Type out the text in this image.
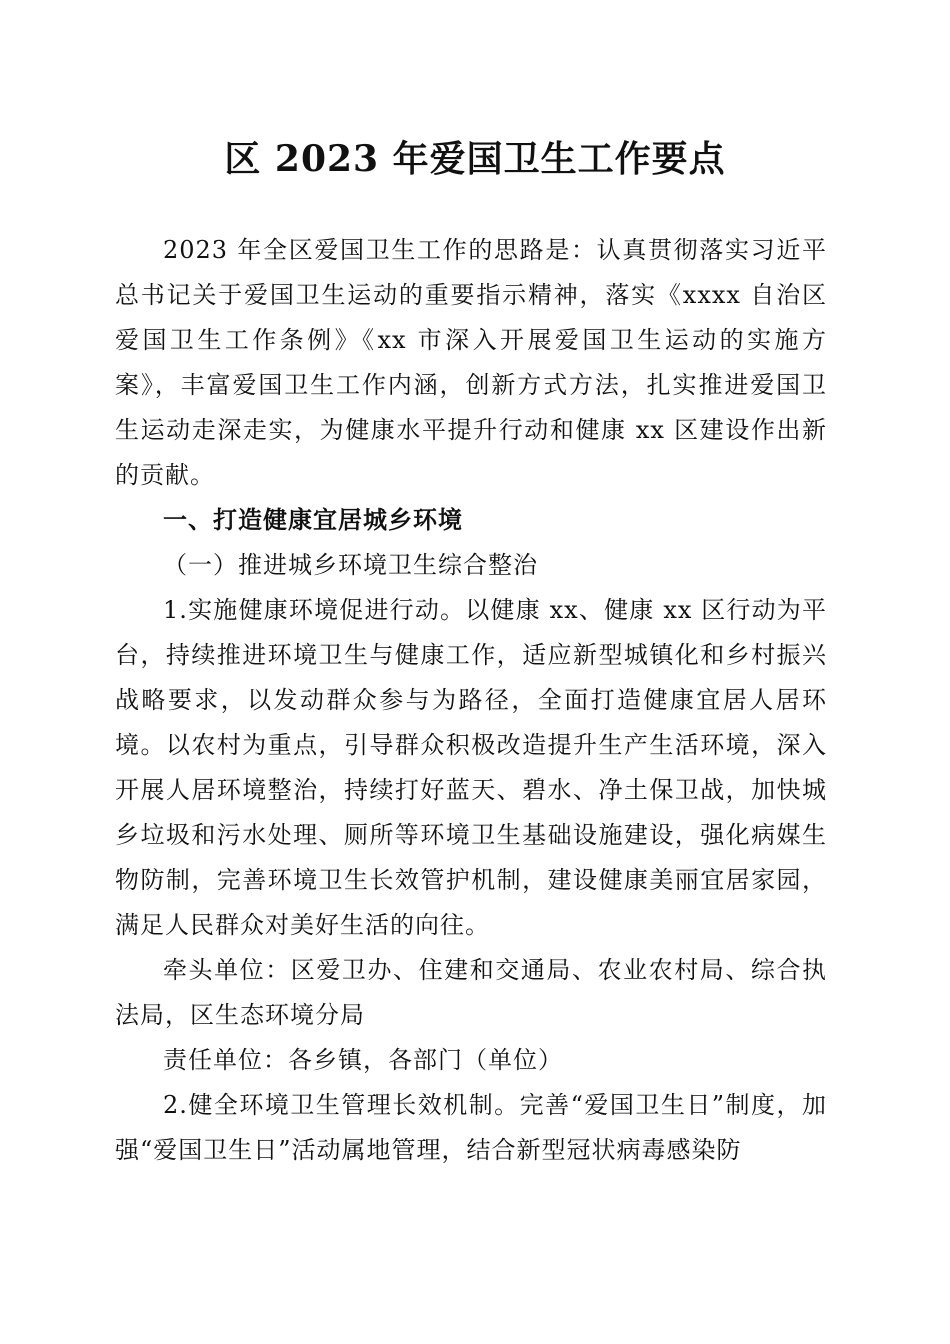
区 2023 年爱国卫生工作要点

2023 年全区爱国卫生工作的思路是：认真贯彻落实习近平总书记关于爱国卫生运动的重要指示精神，落实《xxxx 自治区爱国卫生工作条例》《xx 市深入开展爱国卫生运动的实施方案》，丰富爱国卫生工作内涵，创新方式方法，扎实推进爱国卫生运动走深走实，为健康水平提升行动和健康 xx 区建设作出新的贡献。

一、打造健康宜居城乡环境

（一）推进城乡环境卫生综合整治

1.实施健康环境促进行动。以健康 xx、健康 xx 区行动为平台，持续推进环境卫生与健康工作，适应新型城镇化和乡村振兴战略要求，以发动群众参与为路径，全面打造健康宜居人居环境。以农村为重点，引导群众积极改造提升生产生活环境，深入开展人居环境整治，持续打好蓝天、碧水、净土保卫战，加快城乡垃圾和污水处理、厕所等环境卫生基础设施建设，强化病媒生物防制，完善环境卫生长效管护机制，建设健康美丽宜居家园，满足人民群众对美好生活的向往。

牵头单位：区爱卫办、住建和交通局、农业农村局、综合执法局，区生态环境分局

责任单位：各乡镇，各部门（单位）

2.健全环境卫生管理长效机制。完善“爱国卫生日”制度，加强“爱国卫生日”活动属地管理，结合新型冠状病毒感染防
